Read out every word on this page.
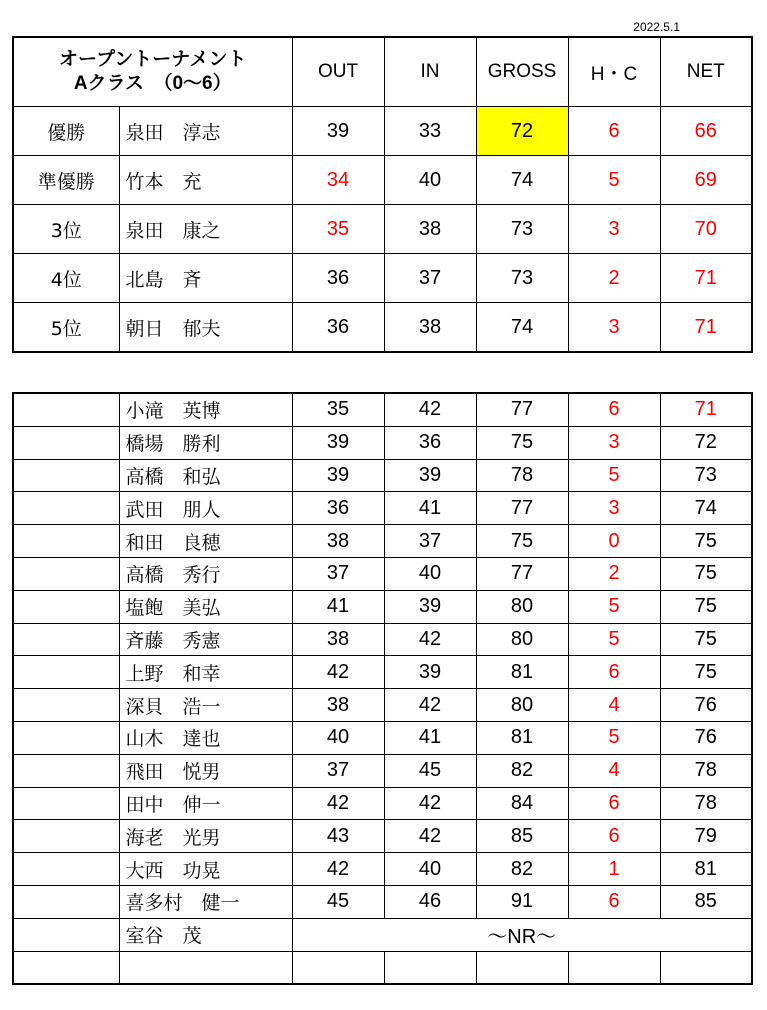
2022.5.1
オープントーナメント
Aクラス　（0～6）		OUT	IN	GROSS	H・C	NET
優勝	泉田　淳志	39	33	72	6	66
準優勝	竹本　充	34	40	74	5	69
3位	泉田　康之	35	38	73	3	70
4位	北島　斉	36	37	73	2	71
5位	朝日　郁夫	36	38	74	3	71
	小滝　英博	35	42	77	6	71
	橋場　勝利	39	36	75	3	72
	高橋　和弘	39	39	78	5	73
	武田　朋人	36	41	77	3	74
	和田　良穂	38	37	75	0	75
	高橋　秀行	37	40	77	2	75
	塩飽　美弘	41	39	80	5	75
	斉藤　秀憲	38	42	80	5	75
	上野　和幸	42	39	81	6	75
	深貝　浩一	38	42	80	4	76
	山木　達也	40	41	81	5	76
	飛田　悦男	37	45	82	4	78
	田中　伸一	42	42	84	6	78
	海老　光男	43	42	85	6	79
	大西　功晃	42	40	82	1	81
	喜多村　健一	45	46	91	6	85
	室谷　茂	～NR～				
